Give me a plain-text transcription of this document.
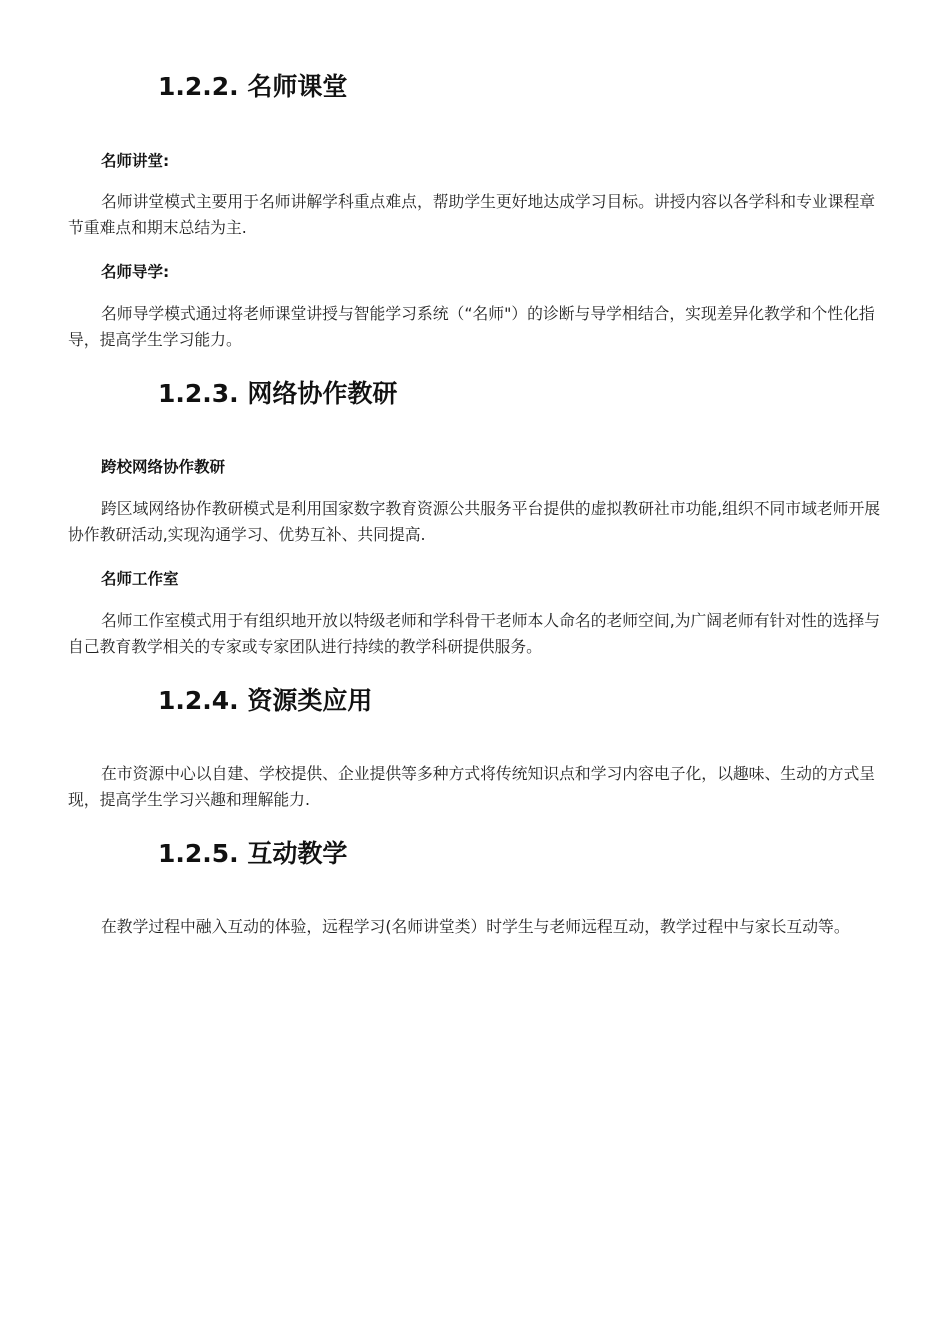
1.2.2. 名师课堂
名师讲堂:

名师讲堂模式主要用于名师讲解学科重点难点，帮助学生更好地达成学习目标。讲授内容以各学科和专业课程章节重难点和期末总结为主.

名师导学:

名师导学模式通过将老师课堂讲授与智能学习系统（“名师"）的诊断与导学相结合，实现差异化教学和个性化指导，提高学生学习能力。

1.2.3. 网络协作教研
跨校网络协作教研

跨区域网络协作教研模式是利用国家数字教育资源公共服务平台提供的虚拟教研社市功能,组织不同市域老师开展协作教研活动,实现沟通学习、优势互补、共同提高.

名师工作室

名师工作室模式用于有组织地开放以特级老师和学科骨干老师本人命名的老师空间,为广阔老师有针对性的选择与自己教育教学相关的专家或专家团队进行持续的教学科研提供服务。

1.2.4. 资源类应用

在市资源中心以自建、学校提供、企业提供等多种方式将传统知识点和学习内容电子化，以趣味、生动的方式呈现，提高学生学习兴趣和理解能力.

1.2.5. 互动教学

在教学过程中融入互动的体验，远程学习(名师讲堂类）时学生与老师远程互动，教学过程中与家长互动等。
